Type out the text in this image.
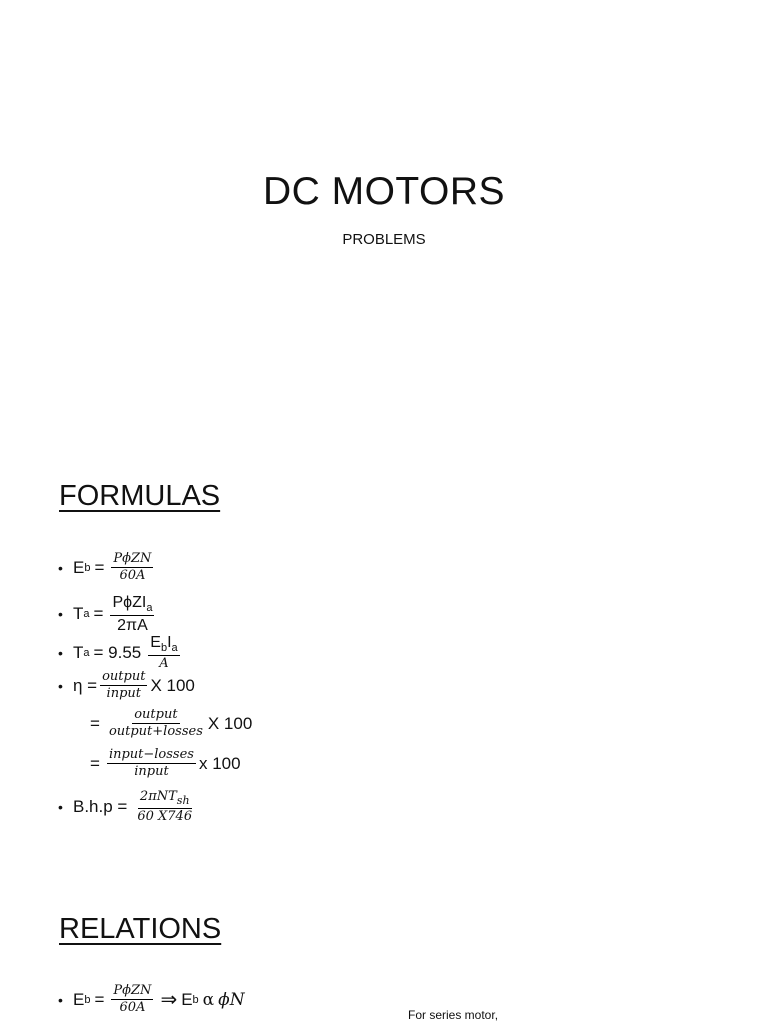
DC MOTORS
PROBLEMS
FORMULAS
• E $b = \frac{\text{PϕZN}}{60A}$
• T $a = \frac{P\phi ZI_a}{2\pi A}$
• T $a = 9.55 \frac{E_bI_a}{A}$
• $\eta = \frac{\text{output}}{\text{input}}$ X 100
= $\frac{\text{output}}{\text{output+losses}}$ X 100
= $\frac{\text{input−losses}}{\text{input}}$ x 100
• $B.h.p = \frac{2\pi NT_{sh}}{60 X746}$
RELATIONS
• E $b = \frac{\text{PϕZN}}{60A}$ ⇒ E b α ϕN
For series motor,
